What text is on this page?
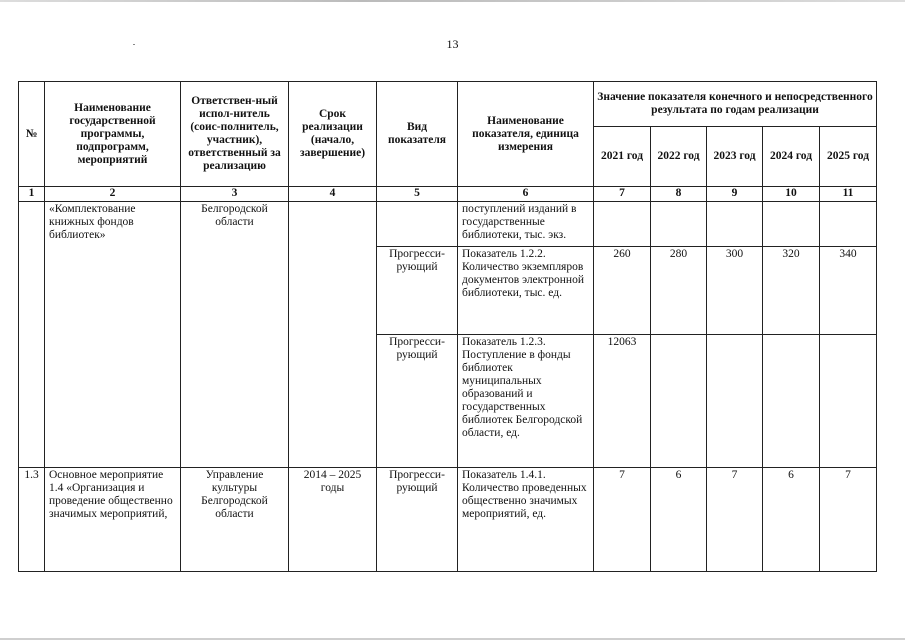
13
№	Наименование государственной программы, подпрограмм, мероприятий	Ответствен-ный испол-нитель (соис-полнитель, участник), ответственный за реализацию	Срок реализации (начало, завершение)	Вид показателя	Наименование показателя, единица измерения	Значение показателя конечного и непосредственного результата по годам реализации				
						2021 год	2022 год	2023 год	2024 год	2025 год
1	2	3	4	5	6	7	8	9	10	11
	«Комплектование книжных фондов библиотек»	Белгородской области			поступлений изданий в государственные библиотеки, тыс. экз.					
				Прогресси-рующий	Показатель 1.2.2. Количество экземпляров документов электронной библиотеки, тыс. ед.	260	280	300	320	340
				Прогресси-рующий	Показатель 1.2.3. Поступление в фонды библиотек муниципальных образований и государственных библиотек Белгородской области, ед.	12063				
1.3	Основное мероприятие 1.4 «Организация и проведение общественно значимых мероприятий,	Управление культуры Белгородской области	2014 – 2025 годы	Прогресси-рующий	Показатель 1.4.1. Количество проведенных общественно значимых мероприятий, ед.	7	6	7	6	7
